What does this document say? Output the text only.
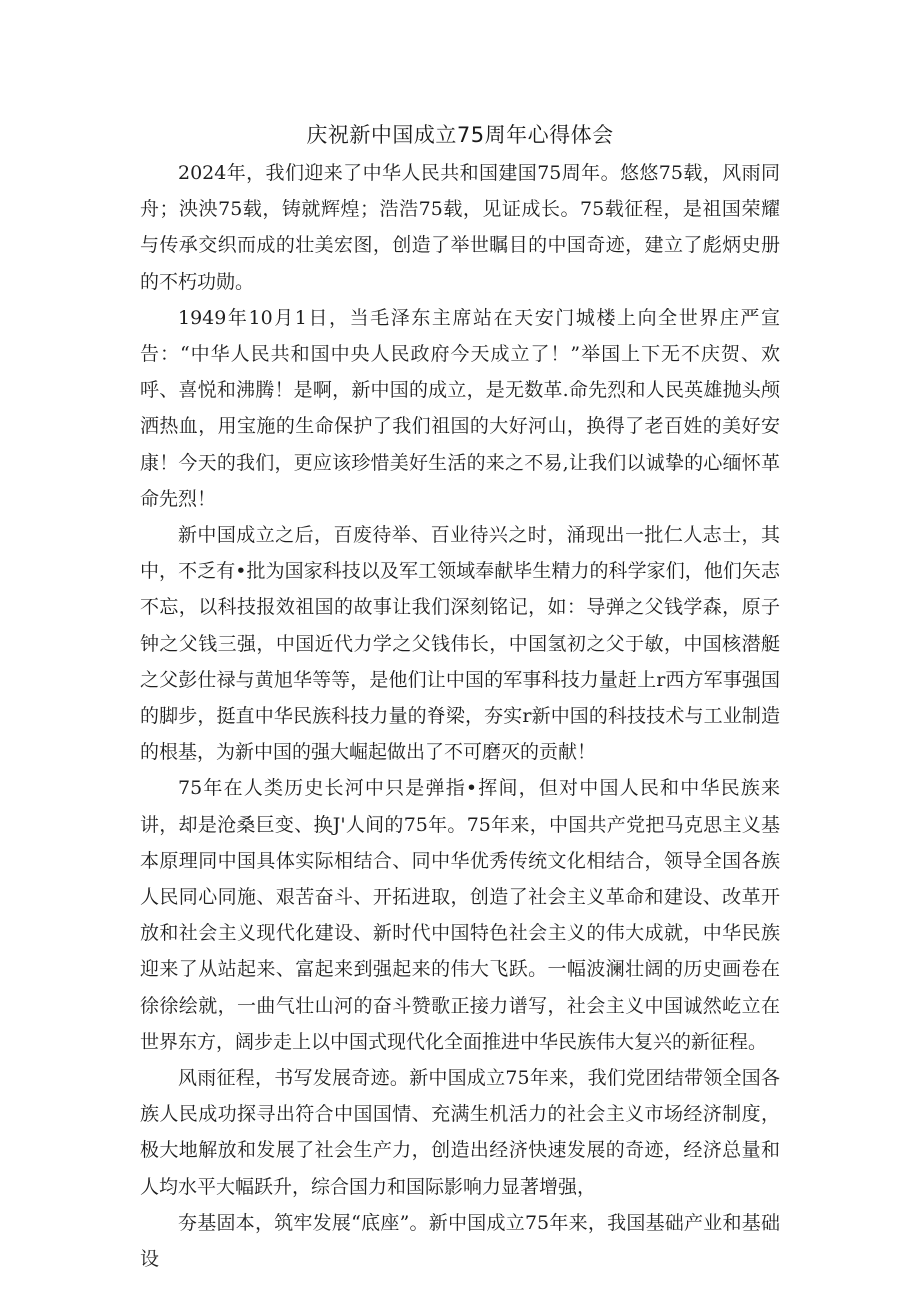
庆祝新中国成立75周年心得体会

2024年，我们迎来了中华人民共和国建国75周年。悠悠75载，风雨同舟；泱泱75载，铸就辉煌；浩浩75载，见证成长。75载征程，是祖国荣耀与传承交织而成的壮美宏图，创造了举世瞩目的中国奇迹，建立了彪炳史册的不朽功勋。

1949年10月1日，当毛泽东主席站在天安门城楼上向全世界庄严宣告：“中华人民共和国中央人民政府今天成立了！”举国上下无不庆贺、欢呼、喜悦和沸腾！是啊，新中国的成立，是无数革.命先烈和人民英雄抛头颅洒热血，用宝施的生命保护了我们祖国的大好河山，换得了老百姓的美好安康！今天的我们，更应该珍惜美好生活的来之不易,让我们以诚挚的心缅怀革命先烈！

新中国成立之后，百废待举、百业待兴之时，涌现出一批仁人志士，其中，不乏有•批为国家科技以及军工领域奉献毕生精力的科学家们，他们矢志不忘，以科技报效祖国的故事让我们深刻铭记，如：导弹之父钱学森，原子钟之父钱三强，中国近代力学之父钱伟长，中国氢初之父于敏，中国核潜艇之父彭仕禄与黄旭华等等，是他们让中国的军事科技力量赶上r西方军事强国的脚步，挺直中华民族科技力量的脊梁，夯实r新中国的科技技术与工业制造的根基，为新中国的强大崛起做出了不可磨灭的贡献！

75年在人类历史长河中只是弹指•挥间，但对中国人民和中华民族来讲，却是沧桑巨变、换J'人间的75年。75年来，中国共产党把马克思主义基本原理同中国具体实际相结合、同中华优秀传统文化相结合，领导全国各族人民同心同施、艰苦奋斗、开拓进取，创造了社会主义革命和建设、改革开放和社会主义现代化建设、新时代中国特色社会主义的伟大成就，中华民族迎来了从站起来、富起来到强起来的伟大飞跃。一幅波澜壮阔的历史画卷在徐徐绘就，一曲气壮山河的奋斗赞歌正接力谱写，社会主义中国诚然屹立在世界东方，阔步走上以中国式现代化全面推进中华民族伟大复兴的新征程。

风雨征程，书写发展奇迹。新中国成立75年来，我们党团结带领全国各族人民成功探寻出符合中国国情、充满生机活力的社会主义市场经济制度，极大地解放和发展了社会生产力，创造出经济快速发展的奇迹，经济总量和人均水平大幅跃升，综合国力和国际影响力显著增强，

夯基固本，筑牢发展“底座”。新中国成立75年来，我国基础产业和基础设
